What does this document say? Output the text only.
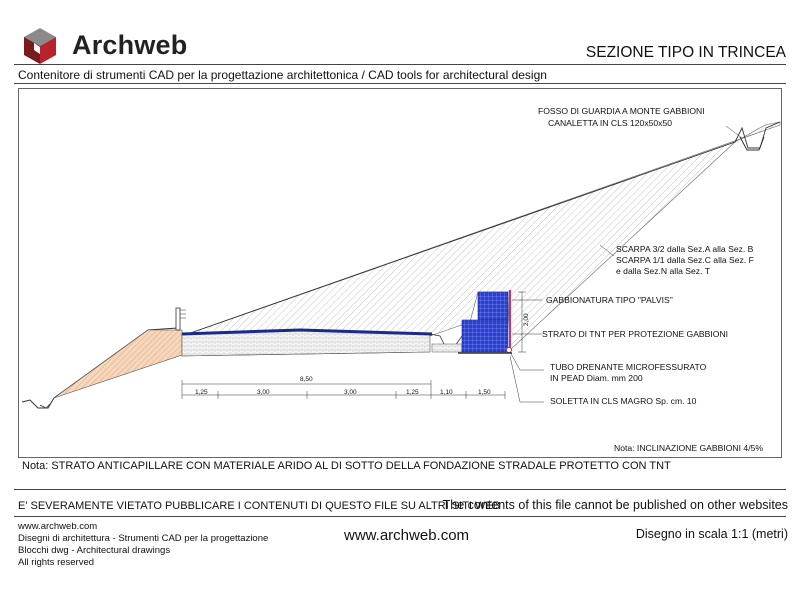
Archweb	SEZIONE TIPO IN TRINCEA
Contenitore di strumenti CAD per la progettazione architettonica / CAD tools for architectural design
2,00
8,50
1,25	3,00	3,00	1,25	1,10	1,50
FOSSO DI GUARDIA A MONTE GABBIONI
CANALETTA IN CLS 120x50x50
SCARPA 3/2 dalla Sez.A alla Sez. B
SCARPA 1/1 dalla Sez.C alla Sez. F
e dalla Sez.N alla Sez. T
GABBIONATURA TIPO "PALVIS"
STRATO DI TNT PER PROTEZIONE GABBIONI
TUBO DRENANTE MICROFESSURATO
IN PEAD Diam. mm 200
SOLETTA IN CLS MAGRO Sp. cm. 10
Nota: INCLINAZIONE GABBIONI 4/5%
Nota: STRATO ANTICAPILLARE CON MATERIALE ARIDO AL DI SOTTO DELLA FONDAZIONE STRADALE PROTETTO CON TNT
E' SEVERAMENTE VIETATO PUBBLICARE I CONTENUTI DI QUESTO FILE SU ALTRI SITI WEB
The contents of this file cannot be published on other websites
www.archweb.com
Disegni di architettura - Strumenti CAD per la progettazione
Blocchi dwg - Architectural drawings
All rights reserved
www.archweb.com	Disegno in scala 1:1 (metri)
